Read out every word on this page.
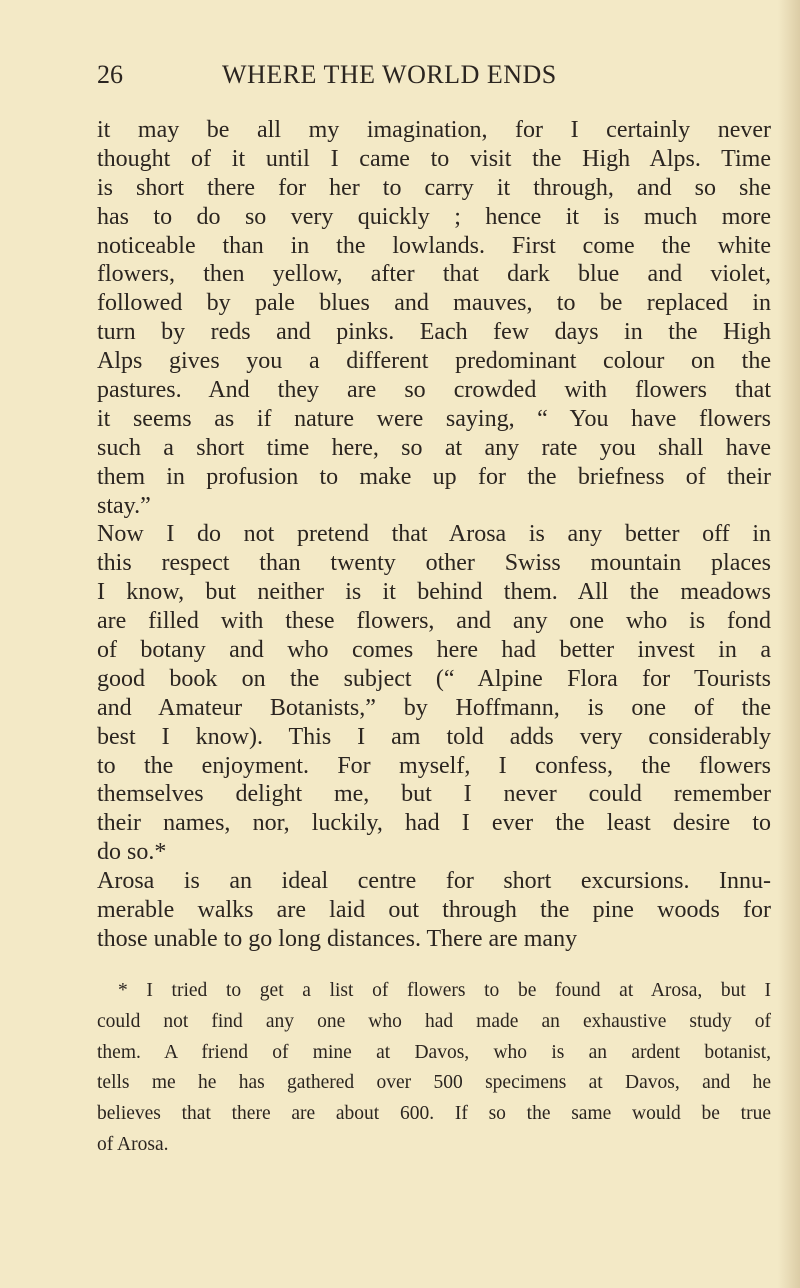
26	WHERE THE WORLD ENDS
it may be all my imagination, for I certainly never
thought of it until I came to visit the High Alps. Time
is short there for her to carry it through, and so she
has to do so very quickly ; hence it is much more
noticeable than in the lowlands. First come the white
flowers, then yellow, after that dark blue and violet,
followed by pale blues and mauves, to be replaced in
turn by reds and pinks. Each few days in the High
Alps gives you a different predominant colour on the
pastures. And they are so crowded with flowers that
it seems as if nature were saying, “ You have flowers
such a short time here, so at any rate you shall have
them in profusion to make up for the briefness of their
stay.”
Now I do not pretend that Arosa is any better off in
this respect than twenty other Swiss mountain places
I know, but neither is it behind them. All the meadows
are filled with these flowers, and any one who is fond
of botany and who comes here had better invest in a
good book on the subject (“ Alpine Flora for Tourists
and Amateur Botanists,” by Hoffmann, is one of the
best I know). This I am told adds very considerably
to the enjoyment. For myself, I confess, the flowers
themselves delight me, but I never could remember
their names, nor, luckily, had I ever the least desire to
do so.*
Arosa is an ideal centre for short excursions. Innu-
merable walks are laid out through the pine woods for
those unable to go long distances. There are many
* I tried to get a list of flowers to be found at Arosa, but I
could not find any one who had made an exhaustive study of
them. A friend of mine at Davos, who is an ardent botanist,
tells me he has gathered over 500 specimens at Davos, and he
believes that there are about 600. If so the same would be true
of Arosa.
